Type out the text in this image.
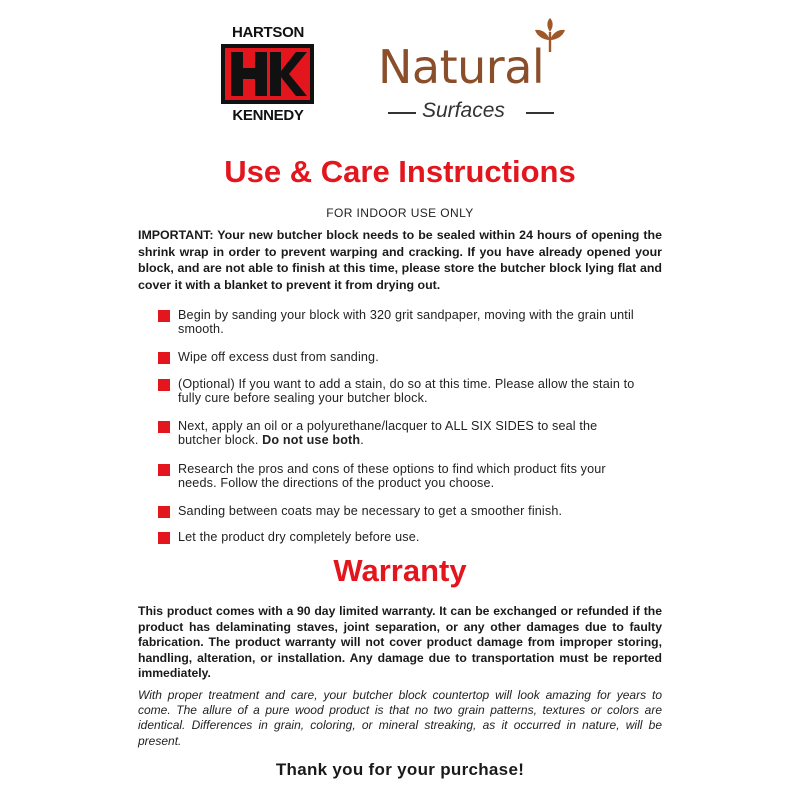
HARTSON
KENNEDY
Natural
Surfaces
Use & Care Instructions
FOR INDOOR USE ONLY

IMPORTANT: Your new butcher block needs to be sealed within 24 hours of opening the shrink wrap in order to prevent warping and cracking. If you have already opened your block, and are not able to finish at this time, please store the butcher block lying flat and cover it with a blanket to prevent it from drying out.

Begin by sanding your block with 320 grit sandpaper, moving with the grain until smooth.
Wipe off excess dust from sanding.
(Optional) If you want to add a stain, do so at this time. Please allow the stain to fully cure before sealing your butcher block.
Next, apply an oil or a polyurethane/lacquer to ALL SIX SIDES to seal the butcher block. Do not use both.
Research the pros and cons of these options to find which product fits your needs. Follow the directions of the product you choose.
Sanding between coats may be necessary to get a smoother finish.
Let the product dry completely before use.
Warranty

This product comes with a 90 day limited warranty. It can be exchanged or refunded if the product has delaminating staves, joint separation, or any other damages due to faulty fabrication. The product warranty will not cover product damage from improper storing, handling, alteration, or installation. Any damage due to transportation must be reported immediately.

With proper treatment and care, your butcher block countertop will look amazing for years to come. The allure of a pure wood product is that no two grain patterns, textures or colors are identical. Differences in grain, coloring, or mineral streaking, as it occurred in nature, will be present.

Thank you for your purchase!
